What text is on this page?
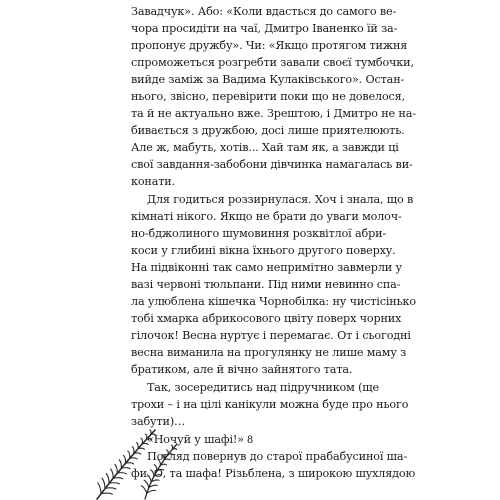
Завадчук». Або: «Коли вдасться до самого ве-
чора просидіти на чаї, Дмитро Іваненко їй за-
пропонує дружбу». Чи: «Якщо протягом тижня
спроможеться розгребти завали своєї тумбочки,
вийде заміж за Вадима Кулаківського». Остан-
нього, звісно, перевірити поки що не довелося,
та й не актуально вже. Зрештою, і Дмитро не на-
бивається з дружбою, досі лише приятелюють.
Але ж, мабуть, хотів... Хай там як, а завжди ці
свої завдання-забобони дівчинка намагалась ви-
конати.
Для годиться роззирнулася. Хоч і знала, що в
кімнаті нікого. Якщо не брати до уваги молоч-
но-бджолиного шумовиння розквітлої абри-
коси у глибині вікна їхнього другого поверху.
На підвіконні так само непримітно завмерли у
вазі червоні тюльпани. Під ними невинно спа-
ла улюблена кішечка Чорнобілка: ну чистісінько
тобі хмарка абрикосового цвіту поверх чорних
гілочок! Весна нуртує і перемагає. От і сьогодні
весна виманила на прогулянку не лише маму з
братиком, але й вічно зайнятого тата.
Так, зосередитись над підручником (ще
трохи – і на цілі канікули можна буде про нього
забути)…
«Ночуй у шафі!»
Погляд повернув до старої прабабусиної ша-
фи. О, та шафа! Різьблена, з широкою шухлядою
8
